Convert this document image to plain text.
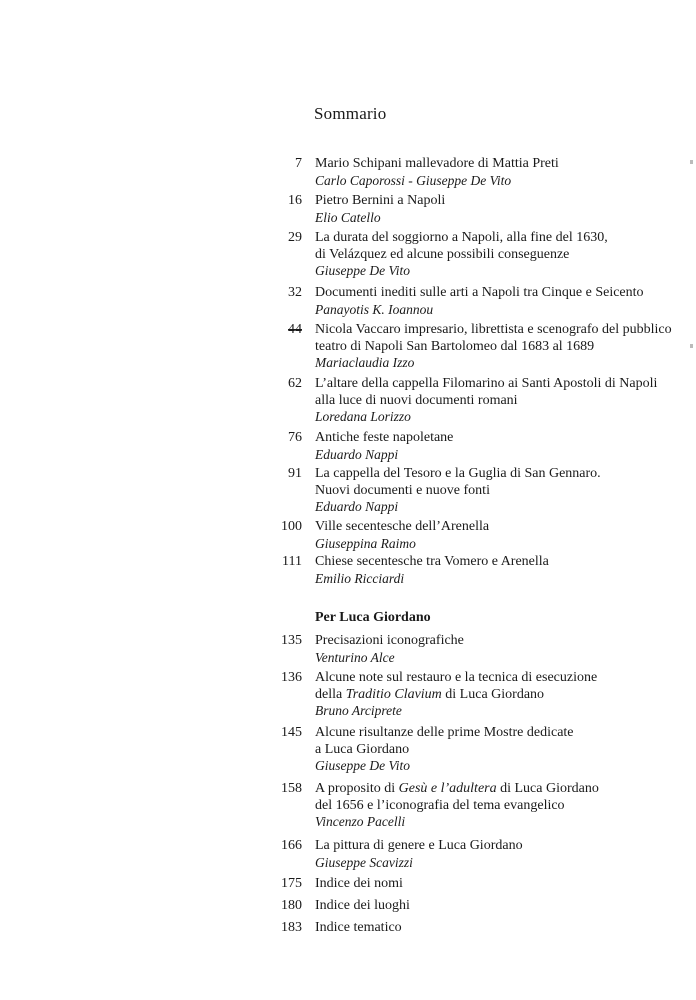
Sommario
7 Mario Schipani mallevadore di Mattia Preti
Carlo Caporossi - Giuseppe De Vito
16 Pietro Bernini a Napoli
Elio Catello
29 La durata del soggiorno a Napoli, alla fine del 1630,
di Velázquez ed alcune possibili conseguenze
Giuseppe De Vito
32 Documenti inediti sulle arti a Napoli tra Cinque e Seicento
Panayotis K. Ioannou
44 Nicola Vaccaro impresario, librettista e scenografo del pubblico
teatro di Napoli San Bartolomeo dal 1683 al 1689
Mariaclaudia Izzo
62 L’altare della cappella Filomarino ai Santi Apostoli di Napoli
alla luce di nuovi documenti romani
Loredana Lorizzo
76 Antiche feste napoletane
Eduardo Nappi
91 La cappella del Tesoro e la Guglia di San Gennaro.
Nuovi documenti e nuove fonti
Eduardo Nappi
100 Ville secentesche dell’Arenella
Giuseppina Raimo
111 Chiese secentesche tra Vomero e Arenella
Emilio Ricciardi
Per Luca Giordano
135 Precisazioni iconografiche
Venturino Alce
136 Alcune note sul restauro e la tecnica di esecuzione
della Traditio Clavium di Luca Giordano
Bruno Arciprete
145 Alcune risultanze delle prime Mostre dedicate
a Luca Giordano
Giuseppe De Vito
158 A proposito di Gesù e l’adultera di Luca Giordano
del 1656 e l’iconografia del tema evangelico
Vincenzo Pacelli
166 La pittura di genere e Luca Giordano
Giuseppe Scavizzi
175 Indice dei nomi
180 Indice dei luoghi
183 Indice tematico
